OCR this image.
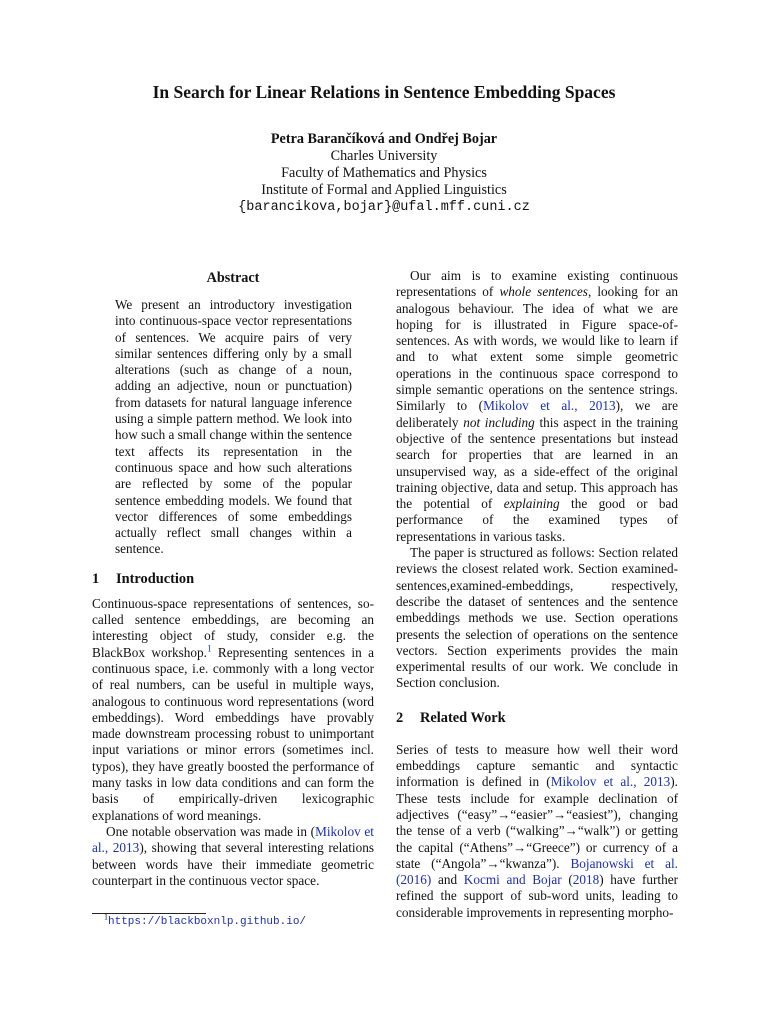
In Search for Linear Relations in Sentence Embedding Spaces
Petra Barančíková and Ondřej Bojar
Charles University
Faculty of Mathematics and Physics
Institute of Formal and Applied Linguistics
{barancikova,bojar}@ufal.mff.cuni.cz
Abstract

We present an introductory investigation into continuous-space vector representations of sentences. We acquire pairs of very similar sentences differing only by a small alterations (such as change of a noun, adding an adjective, noun or punctuation) from datasets for natural language inference using a simple pattern method. We look into how such a small change within the sentence text affects its representation in the continuous space and how such alterations are reflected by some of the popular sentence embedding models. We found that vector differences of some embeddings actually reflect small changes within a sentence.

1 Introduction

Continuous-space representations of sentences, so-called sentence embeddings, are becoming an interesting object of study, consider e.g. the BlackBox workshop.$^1$ Representing sentences in a continuous space, i.e. commonly with a long vector of real numbers, can be useful in multiple ways, analogous to continuous word representations (word embeddings). Word embeddings have provably made downstream processing robust to unimportant input variations or minor errors (sometimes incl. typos), they have greatly boosted the performance of many tasks in low data conditions and can form the basis of empirically-driven lexicographic explanations of word meanings.

One notable observation was made in (Mikolov et al., 2013), showing that several interesting relations between words have their immediate geometric counterpart in the continuous vector space.

Our aim is to examine existing continuous representations of whole sentences, looking for an analogous behaviour. The idea of what we are hoping for is illustrated in Figure space-of-sentences. As with words, we would like to learn if and to what extent some simple geometric operations in the continuous space correspond to simple semantic operations on the sentence strings. Similarly to (Mikolov et al., 2013), we are deliberately not including this aspect in the training objective of the sentence presentations but instead search for properties that are learned in an unsupervised way, as a side-effect of the original training objective, data and setup. This approach has the potential of explaining the good or bad performance of the examined types of representations in various tasks.

The paper is structured as follows: Section related reviews the closest related work. Section examined-sentences,examined-embeddings, respectively, describe the dataset of sentences and the sentence embeddings methods we use. Section operations presents the selection of operations on the sentence vectors. Section experiments provides the main experimental results of our work. We conclude in Section conclusion.

2 Related Work

Series of tests to measure how well their word embeddings capture semantic and syntactic information is defined in (Mikolov et al., 2013). These tests include for example declination of adjectives (“easy”→“easier”→“easiest”), changing the tense of a verb (“walking”→“walk”) or getting the capital (“Athens”→“Greece”) or currency of a state (“Angola”→“kwanza”). Bojanowski et al. (2016) and Kocmi and Bojar (2018) have further refined the support of sub-word units, leading to considerable improvements in representing morpho-

$^1$https://blackboxnlp.github.io/
